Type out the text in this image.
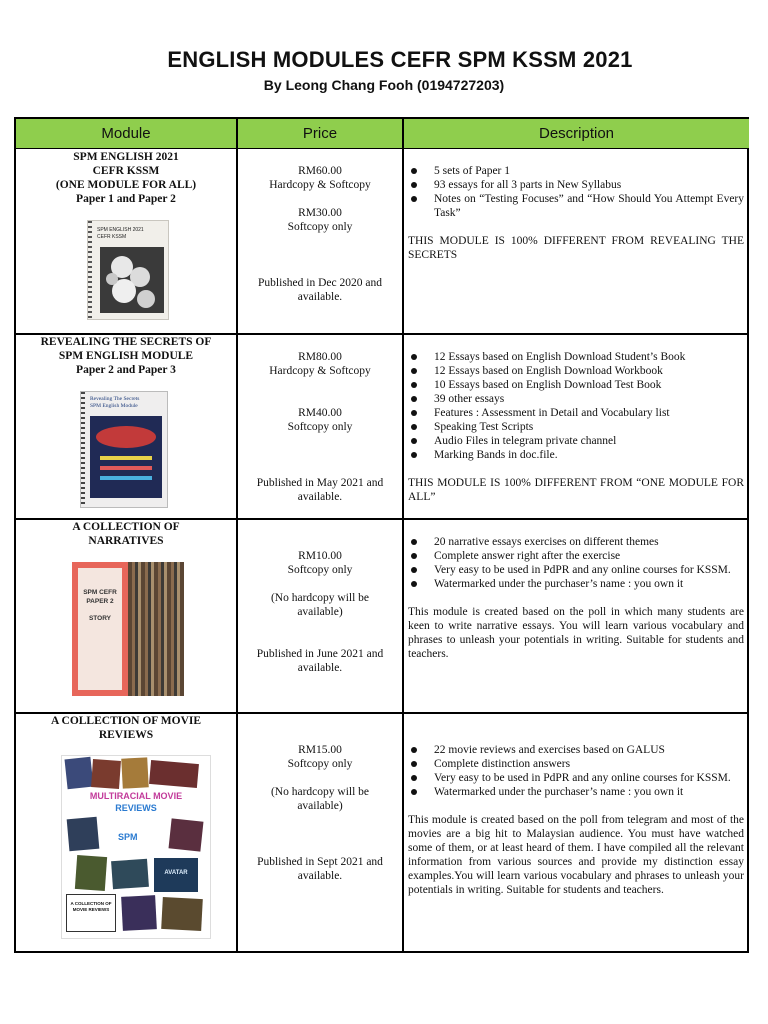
ENGLISH MODULES CEFR SPM KSSM 2021
By Leong Chang Fooh (0194727203)
Module	Price	Description
SPM ENGLISH 2021
CEFR KSSM
(ONE MODULE FOR ALL)
Paper 1 and Paper 2
SPM ENGLISH 2021
CEFR KSSM
RM60.00
Hardcopy & Softcopy
RM30.00
Softcopy only
Published in Dec 2020 and available.
5 sets of Paper 1
93 essays for all 3 parts in New Syllabus
Notes on “Testing Focuses” and “How Should You Attempt Every Task”

THIS MODULE IS 100% DIFFERENT FROM REVEALING THE SECRETS

REVEALING THE SECRETS OF
SPM ENGLISH MODULE
Paper 2 and Paper 3
Revealing The Secrets
SPM English Module
RM80.00
Hardcopy & Softcopy
RM40.00
Softcopy only
Published in May 2021 and available.
12 Essays based on English Download Student’s Book
12 Essays based on English Download Workbook
10 Essays based on English Download Test Book
39 other essays
Features : Assessment in Detail and Vocabulary list
Speaking Test Scripts
Audio Files in telegram private channel
Marking Bands in doc.file.

THIS MODULE IS 100% DIFFERENT FROM “ONE MODULE FOR ALL”

A COLLECTION OF
NARRATIVES
SPM CEFR
PAPER 2
STORY
RM10.00
Softcopy only
(No hardcopy will be available)
Published in June 2021 and available.
20 narrative essays exercises on different themes
Complete answer right after the exercise
Very easy to be used in PdPR and any online courses for KSSM.
Watermarked under the purchaser’s name : you own it

This module is created based on the poll in which many students are keen to write narrative essays. You will learn various vocabulary and phrases to unleash your potentials in writing. Suitable for students and teachers.

A COLLECTION OF MOVIE
REVIEWS
MULTIRACIAL MOVIE
REVIEWS
SPM
AVATAR
A COLLECTION OF MOVIE REVIEWS
RM15.00
Softcopy only
(No hardcopy will be available)
Published in Sept 2021 and available.
22 movie reviews and exercises based on GALUS
Complete distinction answers
Very easy to be used in PdPR and any online courses for KSSM.
Watermarked under the purchaser’s name : you own it

This module is created based on the poll from telegram and most of the movies are a big hit to Malaysian audience. You must have watched some of them, or at least heard of them. I have compiled all the relevant information from various sources and provide my distinction essay examples.You will learn various vocabulary and phrases to unleash your potentials in writing. Suitable for students and teachers.
